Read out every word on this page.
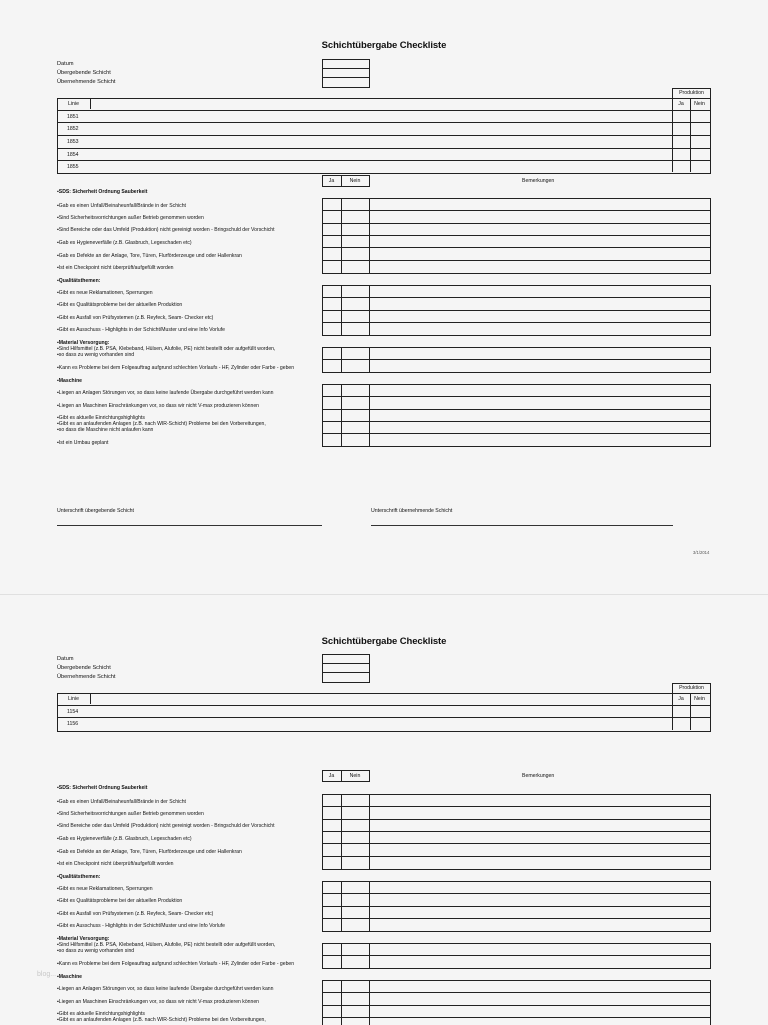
Schichtübergabe Checkliste
Datum
Übergebende Schicht
Übernehmende Schicht
Produktion
Linie	Ja	Nein
1851
1852
1853
1854
1855
Ja	Nein	Bemerkungen
▪SDS: Sicherheit Ordnung Sauberkeit
▪Gab es einen Unfall/Beinaheunfall/Brände in der Schicht
▪Sind Sicherheitsvorrichtungen außer Betrieb genommen worden
▪Sind Bereiche oder das Umfeld (Produktion) nicht gereinigt worden - Bringschuld der Vorschicht
▪Gab es Hygieneverfälle (z.B. Glasbruch, Legeschaden etc)
▪Gab es Defekte an der Anlage, Tore, Türen, Flurförderzeuge und oder Hallenkran
▪Ist ein Checkpoint nicht überprüft/aufgefüllt worden
▪Qualitätsthemen:
▪Gibt es neue Reklamationen, Sperrungen
▪Gibt es Qualitätsprobleme bei der aktuellen Produktion
▪Gibt es Ausfall von Prüfsystemen (z.B. Reyfeck, Seam- Checker etc)
▪Gibt es Ausschuss - Highlights in der Schicht/Muster und eine Info Vorlufe
▪Material Versorgung:
▪Sind Hilfsmittel (z.B. PSA, Klebeband, Hülsen, Alufolie, PE) nicht bestellt oder aufgefüllt worden,
▪so dass zu wenig vorhanden sind
▪Kann es Probleme bei dem Folgeauftrag aufgrund schlechten Vorlaufs - HF, Zylinder oder Farbe - geben
▪Maschine
▪Liegen an Anlagen Störungen vor, so dass keine laufende Übergabe durchgeführt werden kann
▪Liegen an Maschinen Einschränkungen vor, so dass wir nicht V-max produzieren können
▪Gibt es aktuelle Einrichtungshighlights
▪Gibt es an anlaufenden Anlagen (z.B. nach WIR-Schicht) Probleme bei den Vorbereitungen,
▪so dass die Maschine nicht anlaufen kann
▪Ist ein Umbau geplant
Unterschrift übergebende Schicht	Unterschrift übernehmende Schicht
3/1/2014
Schichtübergabe Checkliste
Datum
Übergebende Schicht
Übernehmende Schicht
Produktion
Linie	Ja	Nein
1154
1156
Ja	Nein	Bemerkungen
▪SDS: Sicherheit Ordnung Sauberkeit
▪Gab es einen Unfall/Beinaheunfall/Brände in der Schicht
▪Sind Sicherheitsvorrichtungen außer Betrieb genommen worden
▪Sind Bereiche oder das Umfeld (Produktion) nicht gereinigt worden - Bringschuld der Vorschicht
▪Gab es Hygieneverfälle (z.B. Glasbruch, Legeschaden etc)
▪Gab es Defekte an der Anlage, Tore, Türen, Flurförderzeuge und oder Hallenkran
▪Ist ein Checkpoint nicht überprüft/aufgefüllt worden
▪Qualitätsthemen:
▪Gibt es neue Reklamationen, Sperrungen
▪Gibt es Qualitätsprobleme bei der aktuellen Produktion
▪Gibt es Ausfall von Prüfsystemen (z.B. Reyfeck, Seam- Checker etc)
▪Gibt es Ausschuss - Highlights in der Schicht/Muster und eine Info Vorlufe
▪Material Versorgung:
▪Sind Hilfsmittel (z.B. PSA, Klebeband, Hülsen, Alufolie, PE) nicht bestellt oder aufgefüllt worden,
▪so dass zu wenig vorhanden sind
▪Kann es Probleme bei dem Folgeauftrag aufgrund schlechten Vorlaufs - HF, Zylinder oder Farbe - geben
▪Maschine
▪Liegen an Anlagen Störungen vor, so dass keine laufende Übergabe durchgeführt werden kann
▪Liegen an Maschinen Einschränkungen vor, so dass wir nicht V-max produzieren können
▪Gibt es aktuelle Einrichtungshighlights
▪Gibt es an anlaufenden Anlagen (z.B. nach WIR-Schicht) Probleme bei den Vorbereitungen,
blog...
